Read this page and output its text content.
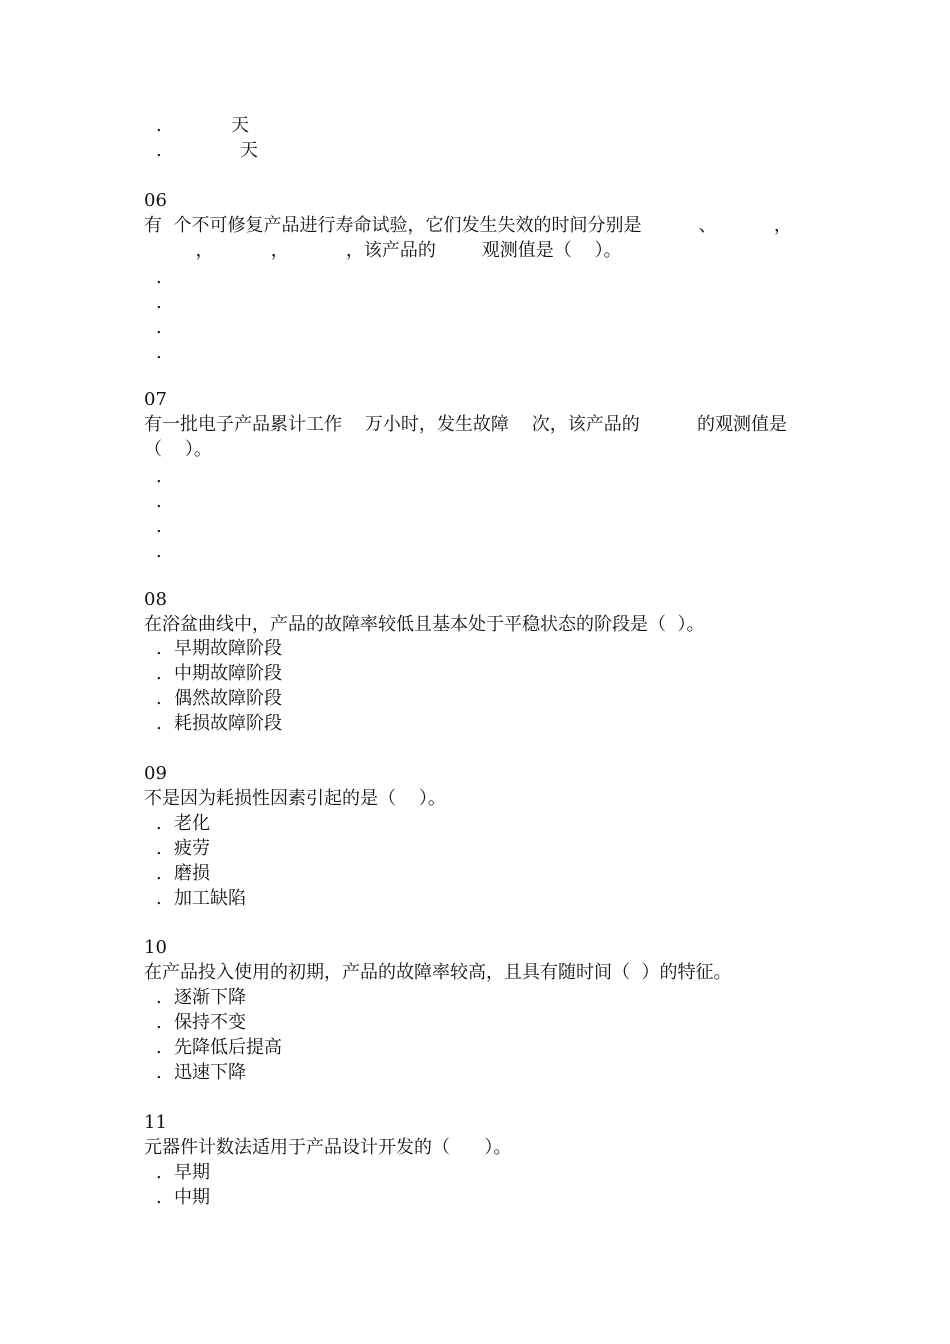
.	天
.	天
06
有  个不可修复产品进行寿命试验，它们发生失效的时间分别是          、          ，
，          ，          ，该产品的        观测值是（    ）。
.
.
.
.
07
有一批电子产品累计工作    万小时，发生故障    次，该产品的          的观测值是
（    ）。
.
.
.
.
08
在浴盆曲线中，产品的故障率较低且基本处于平稳状态的阶段是（  ）。
. 早期故障阶段
. 中期故障阶段
. 偶然故障阶段
. 耗损故障阶段
09
不是因为耗损性因素引起的是（    ）。
. 老化
. 疲劳
. 磨损
. 加工缺陷
10
在产品投入使用的初期，产品的故障率较高，且具有随时间（  ）的特征。
. 逐渐下降
. 保持不变
. 先降低后提高
. 迅速下降
11
元器件计数法适用于产品设计开发的（      ）。
. 早期
. 中期
